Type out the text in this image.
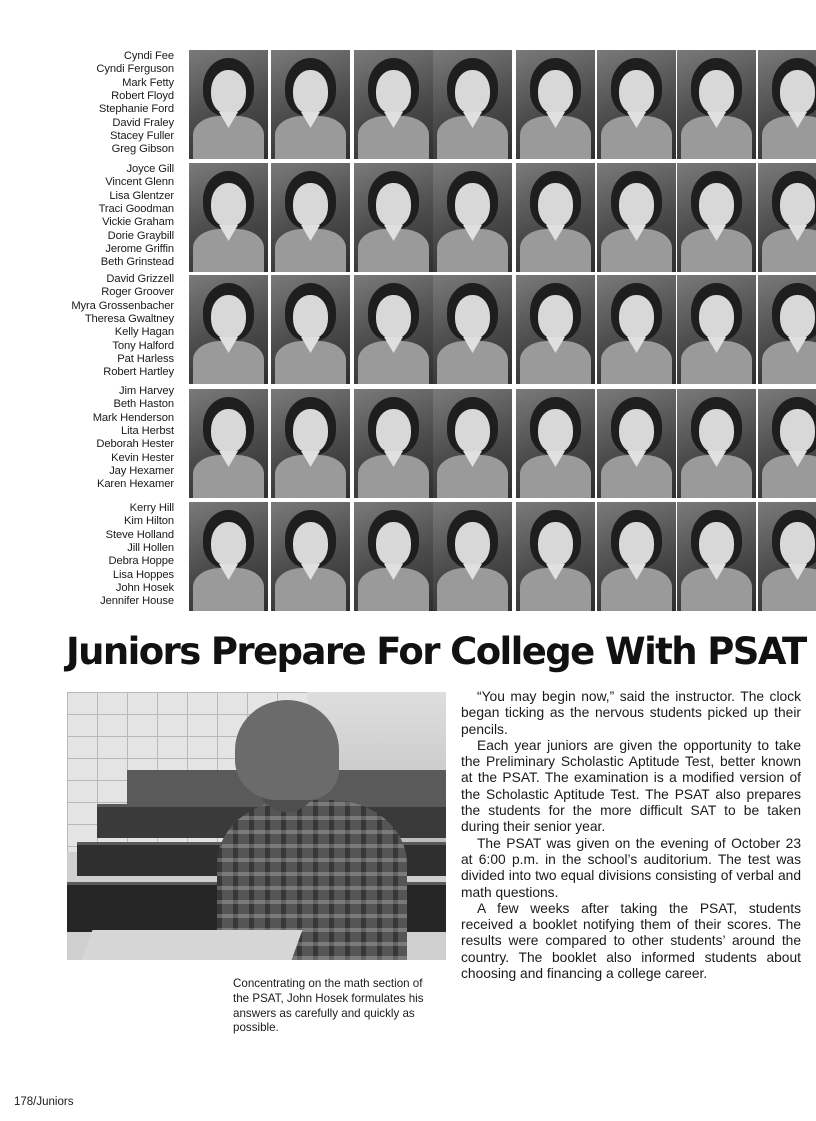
Cyndi Fee
Cyndi Ferguson
Mark Fetty
Robert Floyd
Stephanie Ford
David Fraley
Stacey Fuller
Greg Gibson
Joyce Gill
Vincent Glenn
Lisa Glentzer
Traci Goodman
Vickie Graham
Dorie Graybill
Jerome Griffin
Beth Grinstead
David Grizzell
Roger Groover
Myra Grossenbacher
Theresa Gwaltney
Kelly Hagan
Tony Halford
Pat Harless
Robert Hartley
Jim Harvey
Beth Haston
Mark Henderson
Lita Herbst
Deborah Hester
Kevin Hester
Jay Hexamer
Karen Hexamer
Kerry Hill
Kim Hilton
Steve Holland
Jill Hollen
Debra Hoppe
Lisa Hoppes
John Hosek
Jennifer House
Juniors Prepare For College With PSAT

Concentrating on the math section of the PSAT, John Hosek formulates his answers as carefully and quickly as possible.

“You may begin now,” said the instructor. The clock began ticking as the nervous students picked up their pencils.

Each year juniors are given the opportunity to take the Preliminary Scholastic Aptitude Test, better known at the PSAT. The examination is a modified version of the Scholastic Aptitude Test. The PSAT also prepares the students for the more difficult SAT to be taken during their senior year.

The PSAT was given on the evening of October 23 at 6:00 p.m. in the school’s auditorium. The test was divided into two equal divisions consisting of verbal and math questions.

A few weeks after taking the PSAT, students received a booklet notifying them of their scores. The results were compared to other students’ around the country. The booklet also informed students about choosing and financing a college career.

178/Juniors
